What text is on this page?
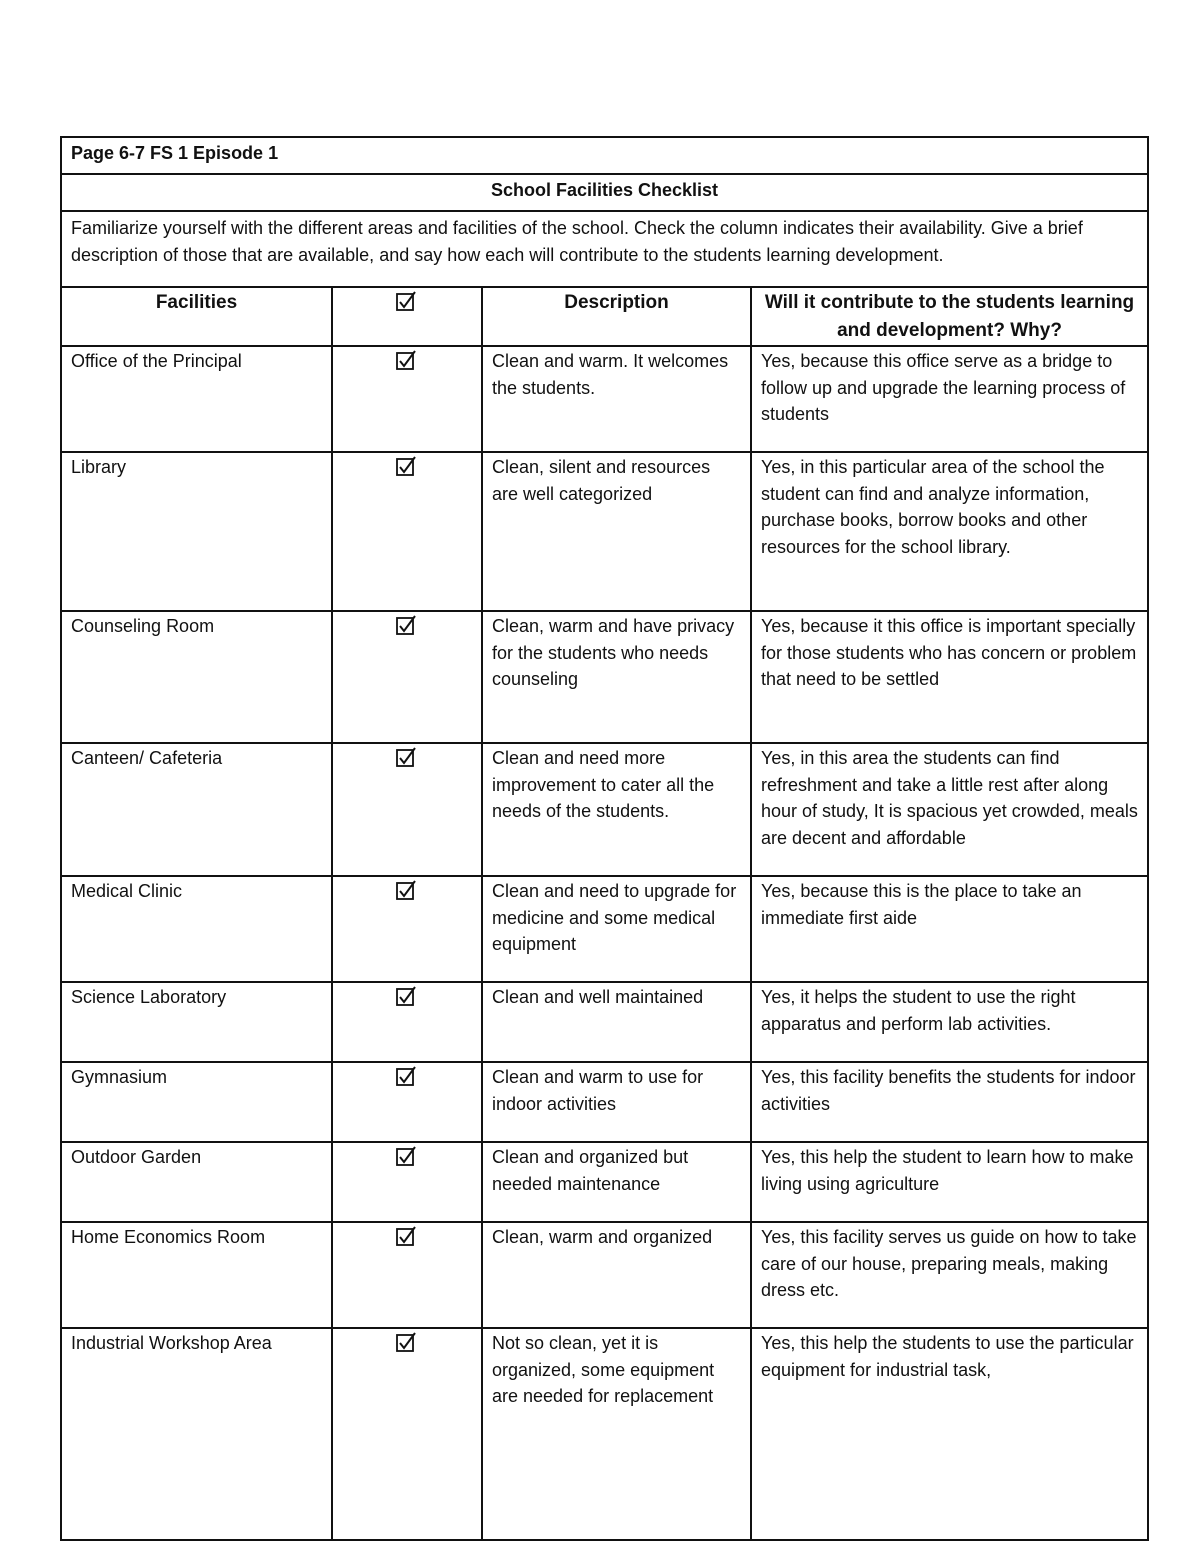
Page 6-7 FS 1 Episode 1			
School Facilities Checklist			
Familiarize yourself with the different areas and facilities of the school. Check the column indicates their availability. Give a brief description of those that are available, and say how each will contribute to the students learning development.			
Facilities		Description	Will it contribute to the students learning and development? Why?
Office of the Principal		Clean and warm. It welcomes the students.	Yes, because this office serve as a bridge to follow up and upgrade the learning process of students
Library		Clean, silent and resources are well categorized	Yes, in this particular area of the school the student can find and analyze information, purchase books, borrow books and other resources for the school library.
Counseling Room		Clean, warm and have privacy for the students who needs counseling	Yes, because it this office is important specially for those students who has concern or problem that need to be settled
Canteen/ Cafeteria		Clean and need more improvement to cater all the needs of the students.	Yes, in this area the students can find refreshment and take a little rest after along hour of study, It is spacious yet crowded, meals are decent and affordable
Medical Clinic		Clean and need to upgrade for medicine and some medical equipment	Yes, because this is the place to take an immediate first aide
Science Laboratory		Clean and well maintained	Yes, it helps the student to use the right apparatus and perform lab activities.
Gymnasium		Clean and warm to use for indoor activities	Yes, this facility benefits the students for indoor activities
Outdoor Garden		Clean and organized but needed maintenance	Yes, this help the student to learn how to make living using agriculture
Home Economics Room		Clean, warm and organized	Yes, this facility serves us guide on how to take care of our house, preparing meals, making dress etc.
Industrial Workshop Area		Not so clean, yet it is organized, some equipment are needed for replacement	Yes, this help the students to use the particular equipment for industrial task,
